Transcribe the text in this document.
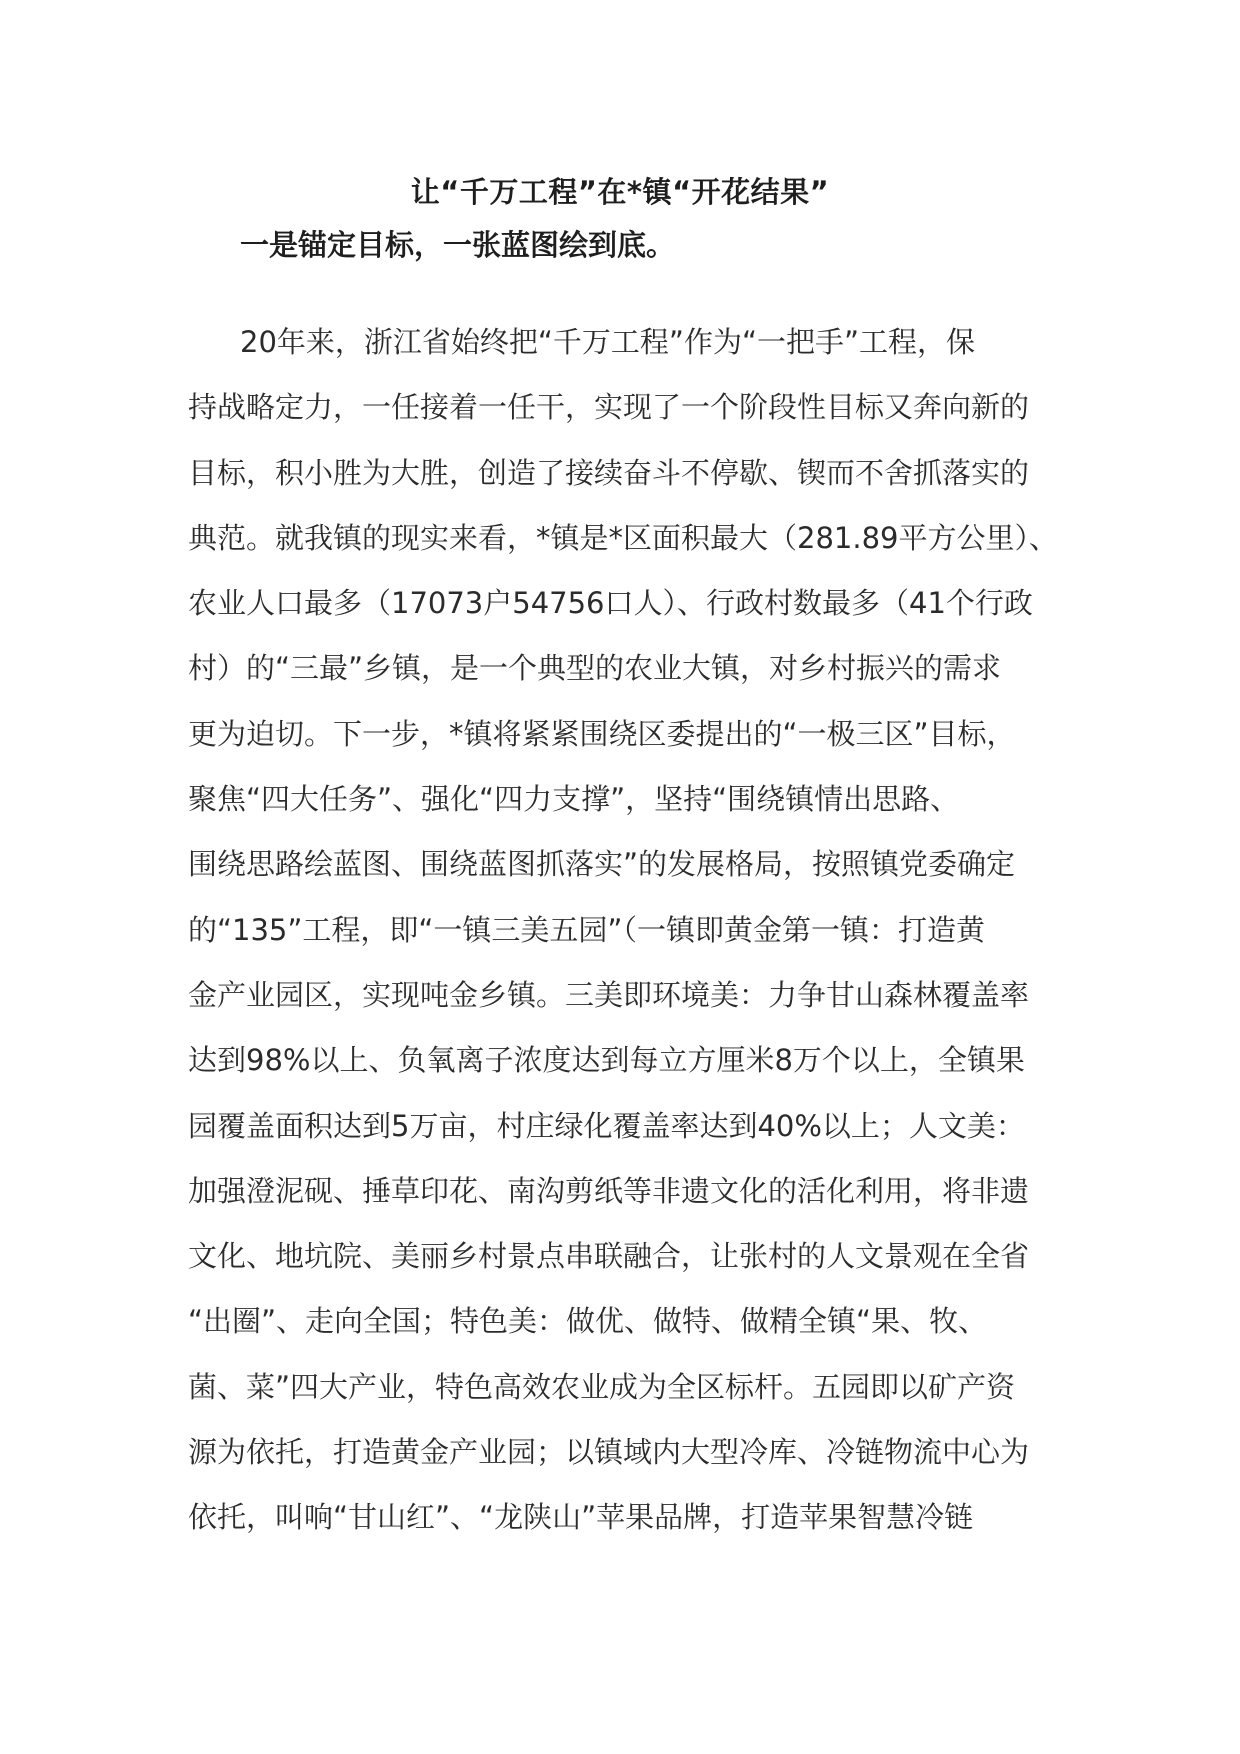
让“千万工程”在*镇“开花结果”
一是锚定目标，一张蓝图绘到底。
20年来，浙江省始终把“千万工程”作为“一把手”工程，保
持战略定力，一任接着一任干，实现了一个阶段性目标又奔向新的
目标，积小胜为大胜，创造了接续奋斗不停歇、锲而不舍抓落实的
典范。就我镇的现实来看，*镇是*区面积最大（281.89平方公里）、
农业人口最多（17073户54756口人）、行政村数最多（41个行政
村）的“三最”乡镇，是一个典型的农业大镇，对乡村振兴的需求
更为迫切。下一步，*镇将紧紧围绕区委提出的“一极三区”目标，
聚焦“四大任务”、强化“四力支撑”，坚持“围绕镇情出思路、
围绕思路绘蓝图、围绕蓝图抓落实”的发展格局，按照镇党委确定
的“135”工程，即“一镇三美五园”（一镇即黄金第一镇：打造黄
金产业园区，实现吨金乡镇。三美即环境美：力争甘山森林覆盖率
达到98%以上、负氧离子浓度达到每立方厘米8万个以上，全镇果
园覆盖面积达到5万亩，村庄绿化覆盖率达到40%以上；人文美：
加强澄泥砚、捶草印花、南沟剪纸等非遗文化的活化利用，将非遗
文化、地坑院、美丽乡村景点串联融合，让张村的人文景观在全省
“出圈”、走向全国；特色美：做优、做特、做精全镇“果、牧、
菌、菜”四大产业，特色高效农业成为全区标杆。五园即以矿产资
源为依托，打造黄金产业园；以镇域内大型冷库、冷链物流中心为
依托，叫响“甘山红”、“龙陕山”苹果品牌，打造苹果智慧冷链
